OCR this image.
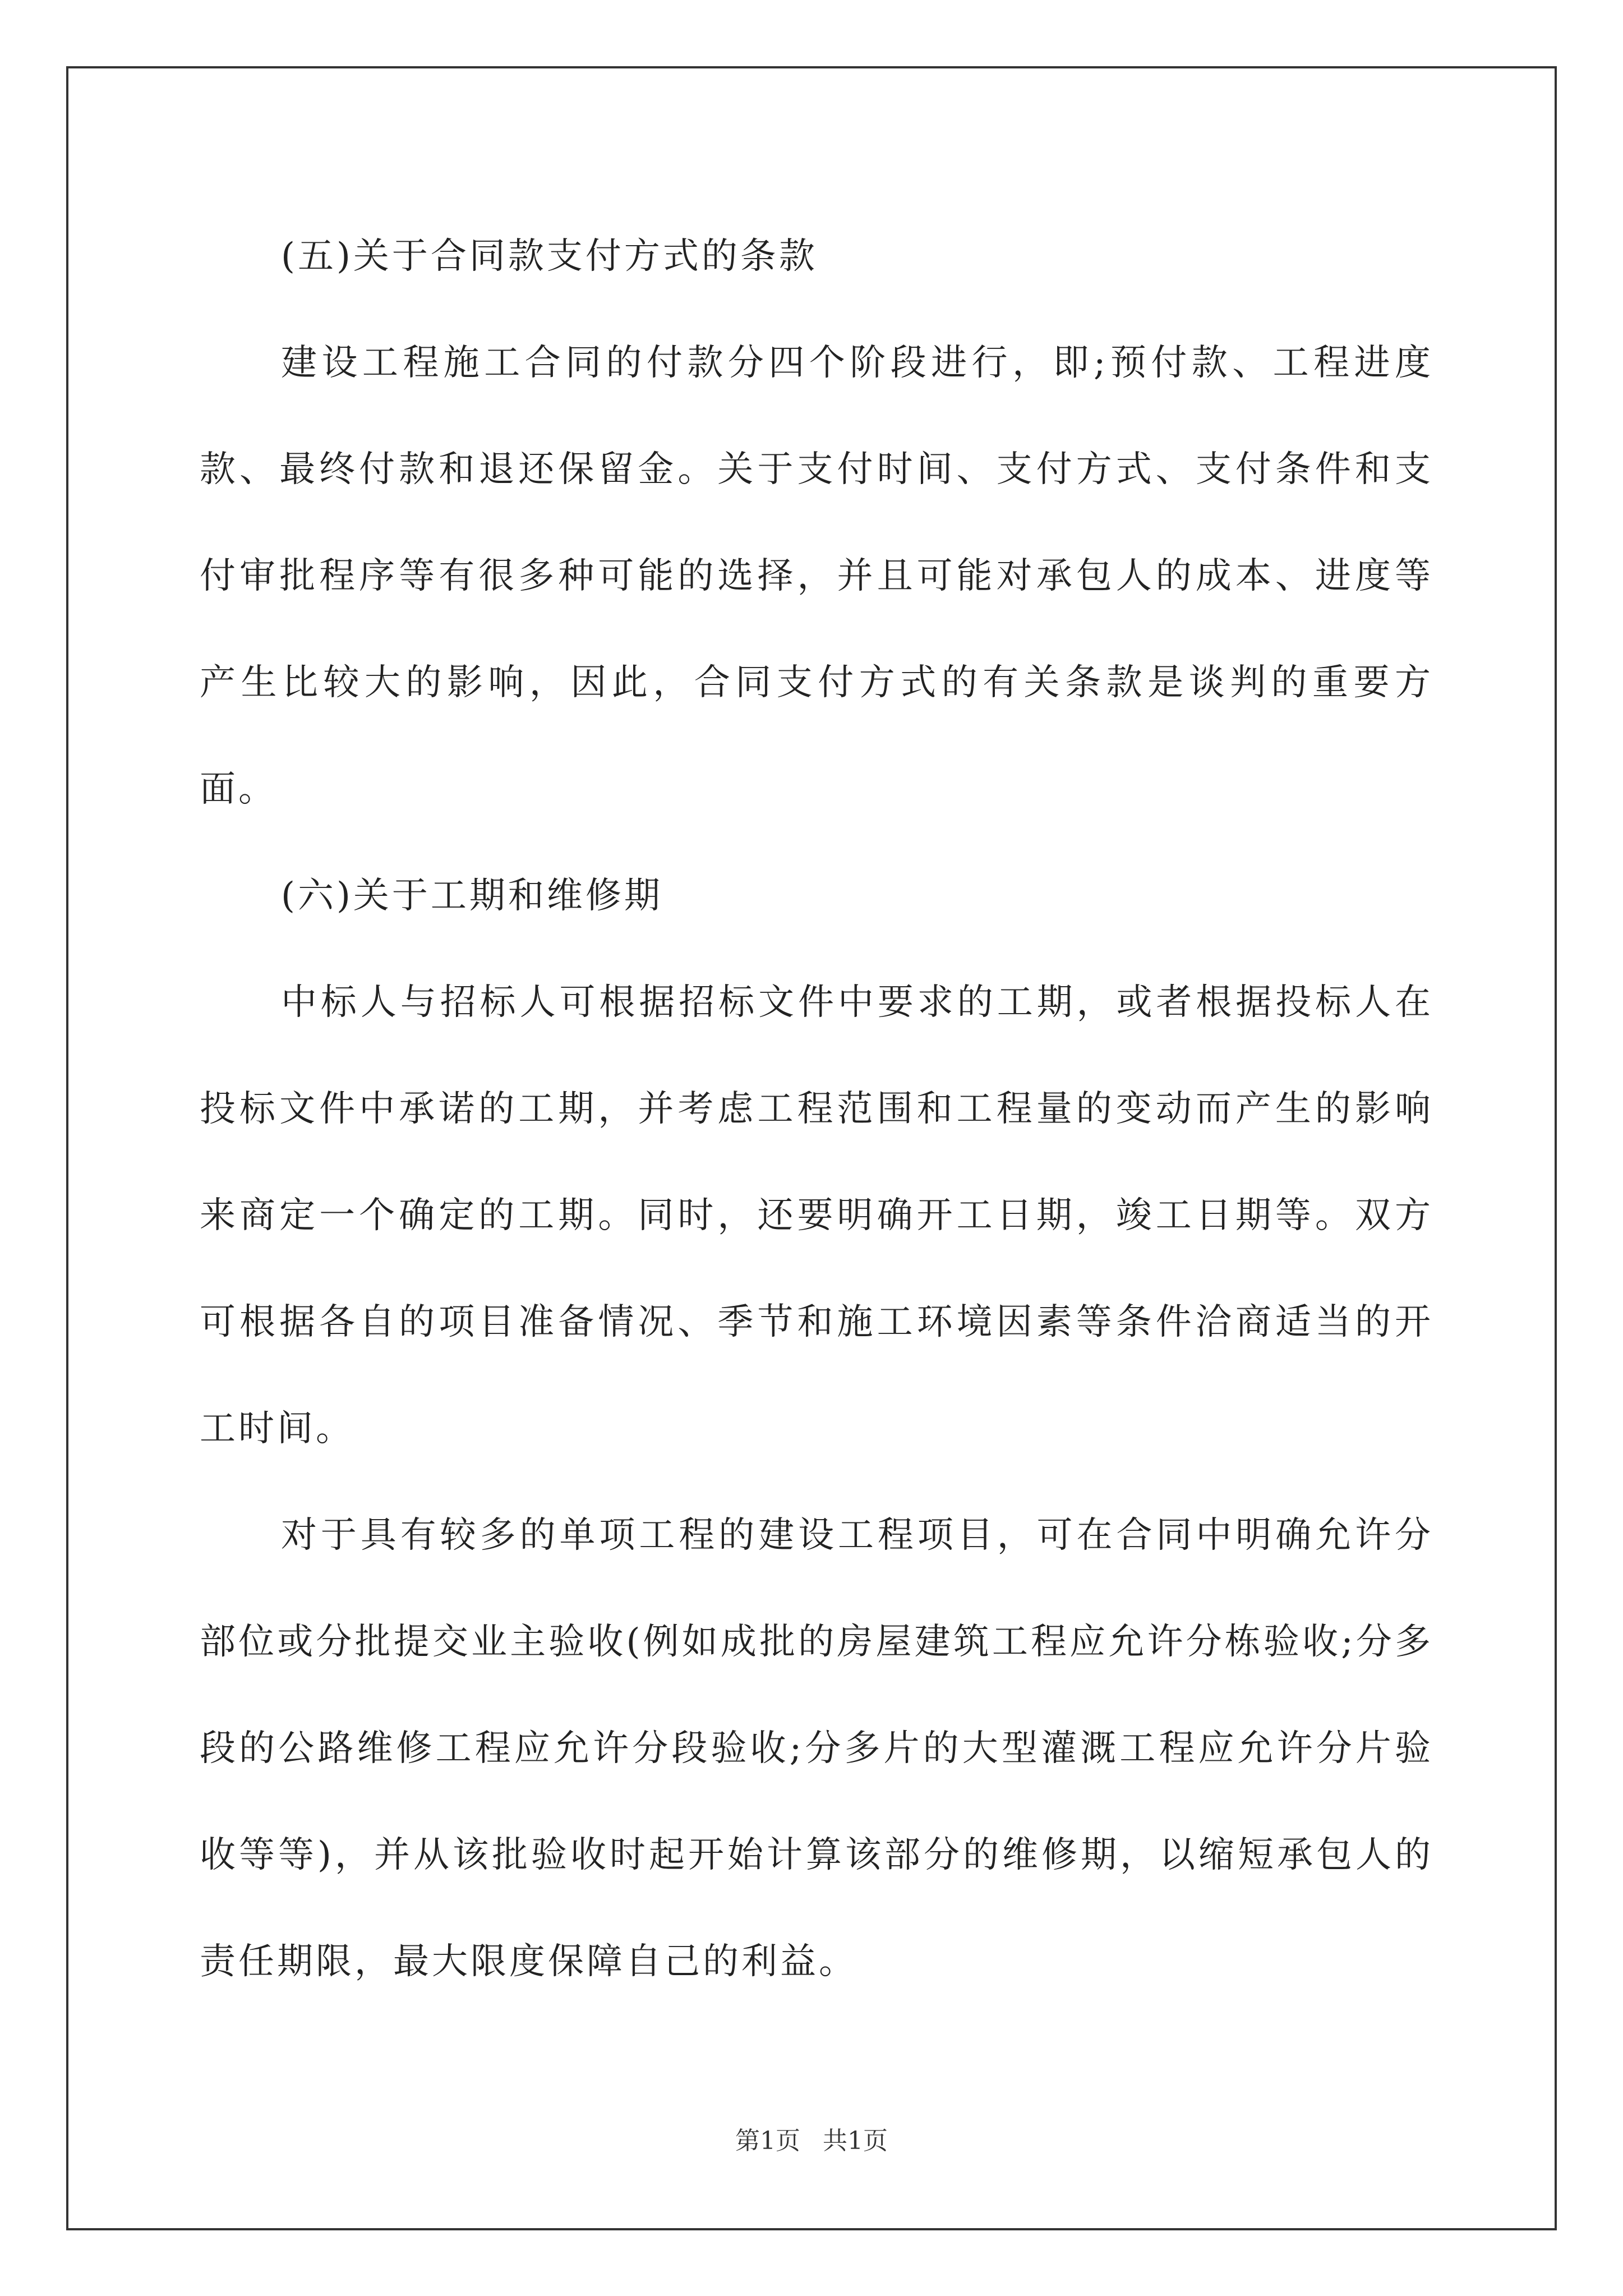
(五)关于合同款支付方式的条款

建设工程施工合同的付款分四个阶段进行，即;预付款、工程进度款、最终付款和退还保留金。关于支付时间、支付方式、支付条件和支付审批程序等有很多种可能的选择，并且可能对承包人的成本、进度等产生比较大的影响，因此，合同支付方式的有关条款是谈判的重要方面。

(六)关于工期和维修期

中标人与招标人可根据招标文件中要求的工期，或者根据投标人在投标文件中承诺的工期，并考虑工程范围和工程量的变动而产生的影响来商定一个确定的工期。同时，还要明确开工日期，竣工日期等。双方可根据各自的项目准备情况、季节和施工环境因素等条件洽商适当的开工时间。

对于具有较多的单项工程的建设工程项目，可在合同中明确允许分部位或分批提交业主验收(例如成批的房屋建筑工程应允许分栋验收;分多段的公路维修工程应允许分段验收;分多片的大型灌溉工程应允许分片验收等等)，并从该批验收时起开始计算该部分的维修期，以缩短承包人的责任期限，最大限度保障自己的利益。

第1页 共1页
